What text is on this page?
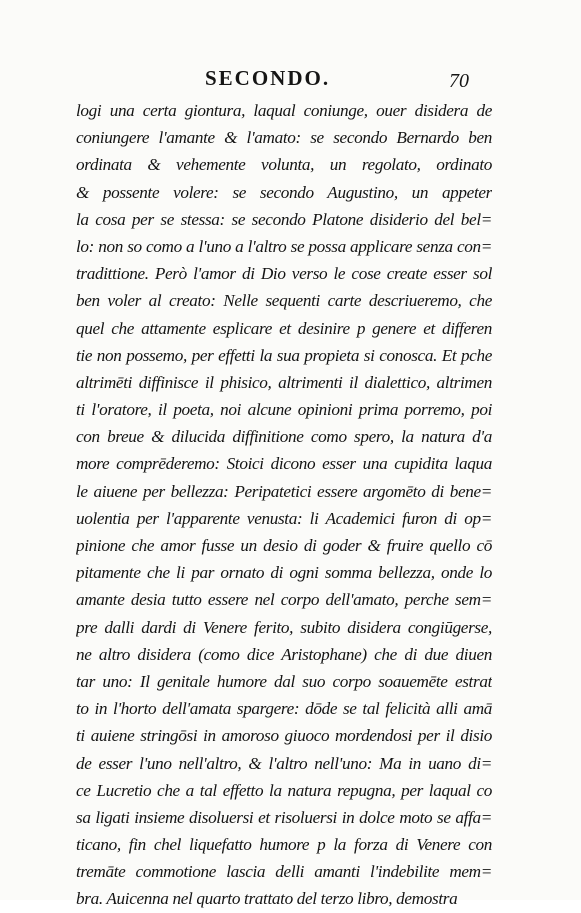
SECONDO.	70
logi una certa giontura, laqual coniunge, ouer disidera de
coniungere l'amante & l'amato: se secondo Bernardo ben
ordinata & vehemente volunta, un regolato, ordinato
& possente volere: se secondo Augustino, un appeter
la cosa per se stessa: se secondo Platone disiderio del bel=
lo: non so como a l'uno a l'altro se possa applicare senza con=
tradittione. Però l'amor di Dio verso le cose create esser sol
ben voler al creato: Nelle sequenti carte descriueremo, che
quel che attamente esplicare et desinire p genere et differen
tie non possemo, per effetti la sua propieta si conosca. Et pche
altrimēti diffinisce il phisico, altrimenti il dialettico, altrimen
ti l'oratore, il poeta, noi alcune opinioni prima porremo, poi
con breue & dilucida diffinitione como spero, la natura d'a
more comprēderemo: Stoici dicono esser una cupidita laqua
le aiuene per bellezza: Peripatetici essere argomēto di bene=
uolentia per l'apparente venusta: li Academici furon di op=
pinione che amor fusse un desio di goder & fruire quello cō
pitamente che li par ornato di ogni somma bellezza, onde lo
amante desia tutto essere nel corpo dell'amato, perche sem=
pre dalli dardi di Venere ferito, subito disidera congiūgerse,
ne altro disidera (como dice Aristophane) che di due diuen
tar uno: Il genitale humore dal suo corpo soauemēte estrat
to in l'horto dell'amata spargere: dōde se tal felicità alli amā
ti auiene stringōsi in amoroso giuoco mordendosi per il disio
de esser l'uno nell'altro, & l'altro nell'uno: Ma in uano di=
ce Lucretio che a tal effetto la natura repugna, per laqual co
sa ligati insieme disoluersi et risoluersi in dolce moto se affa=
ticano, fin chel liquefatto humore p la forza di Venere con
tremāte commotione lascia delli amanti l'indebilite mem=
bra. Auicenna nel quarto trattato del terzo libro, demostra
